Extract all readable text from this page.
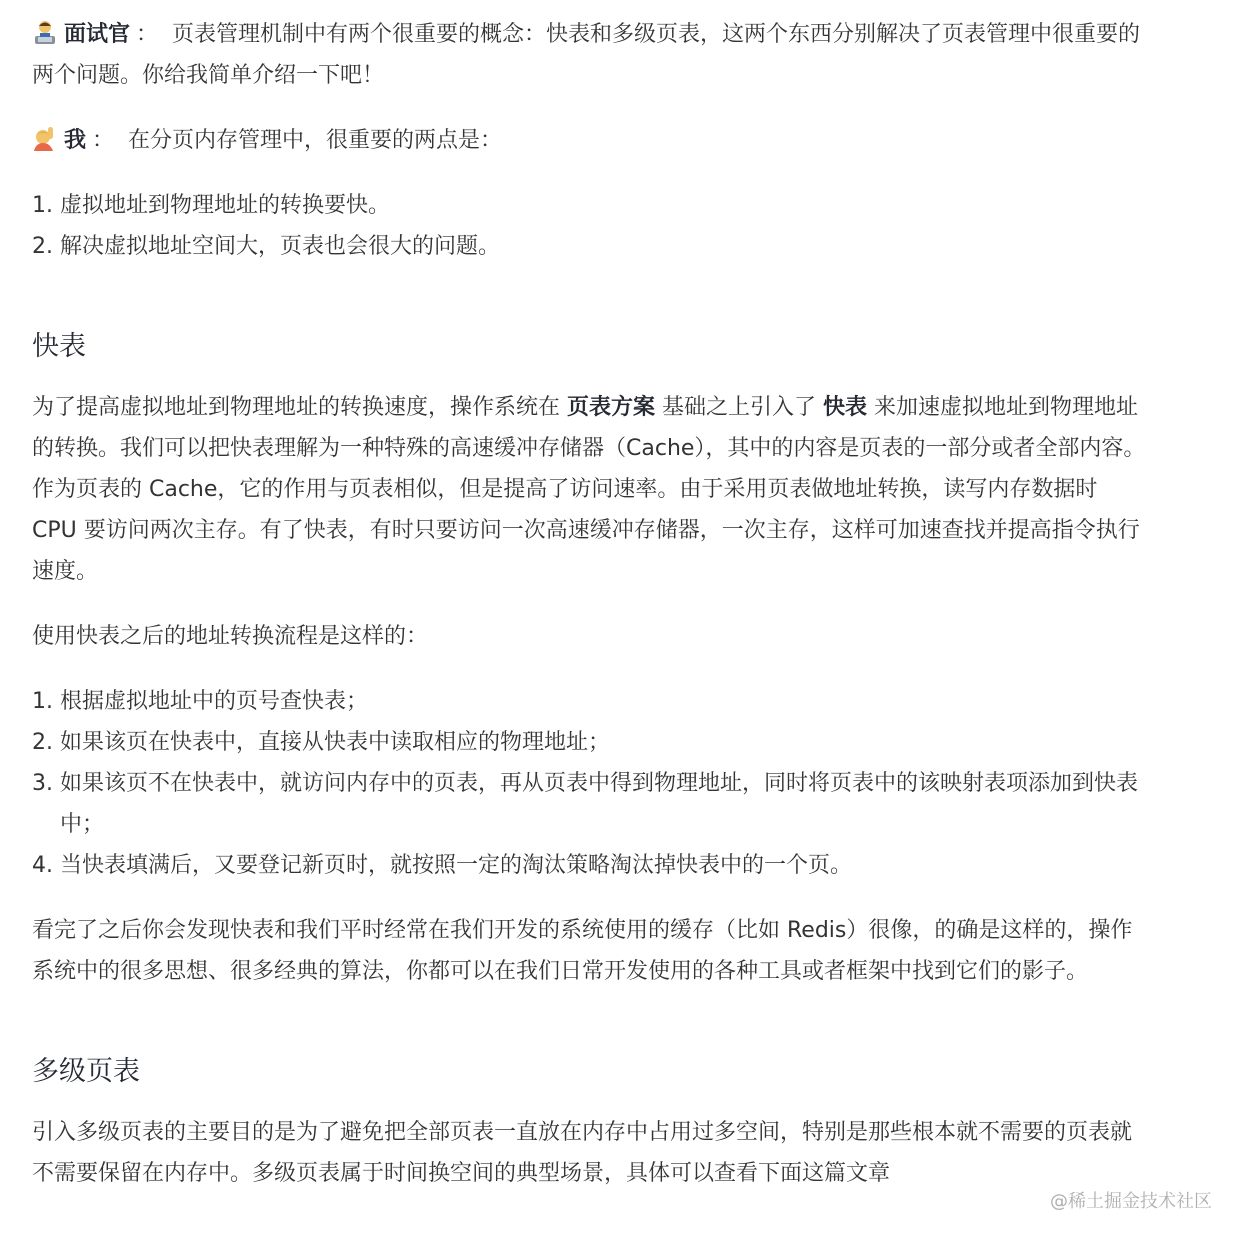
面试官 ： 页表管理机制中有两个很重要的概念：快表和多级页表，这两个东西分别解决了页表管理中很重要的两个问题。你给我简单介绍一下吧！

我 ： 在分页内存管理中，很重要的两点是：

1. 虚拟地址到物理地址的转换要快。
2. 解决虚拟地址空间大，页表也会很大的问题。
快表

为了提高虚拟地址到物理地址的转换速度，操作系统在 页表方案 基础之上引入了 快表 来加速虚拟地址到物理地址的转换。我们可以把快表理解为一种特殊的高速缓冲存储器（Cache），其中的内容是页表的一部分或者全部内容。作为页表的 Cache，它的作用与页表相似，但是提高了访问速率。由于采用页表做地址转换，读写内存数据时 CPU 要访问两次主存。有了快表，有时只要访问一次高速缓冲存储器，一次主存，这样可加速查找并提高指令执行速度。

使用快表之后的地址转换流程是这样的：

1. 根据虚拟地址中的页号查快表；
2. 如果该页在快表中，直接从快表中读取相应的物理地址；
3. 如果该页不在快表中，就访问内存中的页表，再从页表中得到物理地址，同时将页表中的该映射表项添加到快表中；
4. 当快表填满后，又要登记新页时，就按照一定的淘汰策略淘汰掉快表中的一个页。

看完了之后你会发现快表和我们平时经常在我们开发的系统使用的缓存（比如 Redis）很像，的确是这样的，操作系统中的很多思想、很多经典的算法，你都可以在我们日常开发使用的各种工具或者框架中找到它们的影子。

多级页表

引入多级页表的主要目的是为了避免把全部页表一直放在内存中占用过多空间，特别是那些根本就不需要的页表就不需要保留在内存中。多级页表属于时间换空间的典型场景，具体可以查看下面这篇文章

@稀土掘金技术社区
